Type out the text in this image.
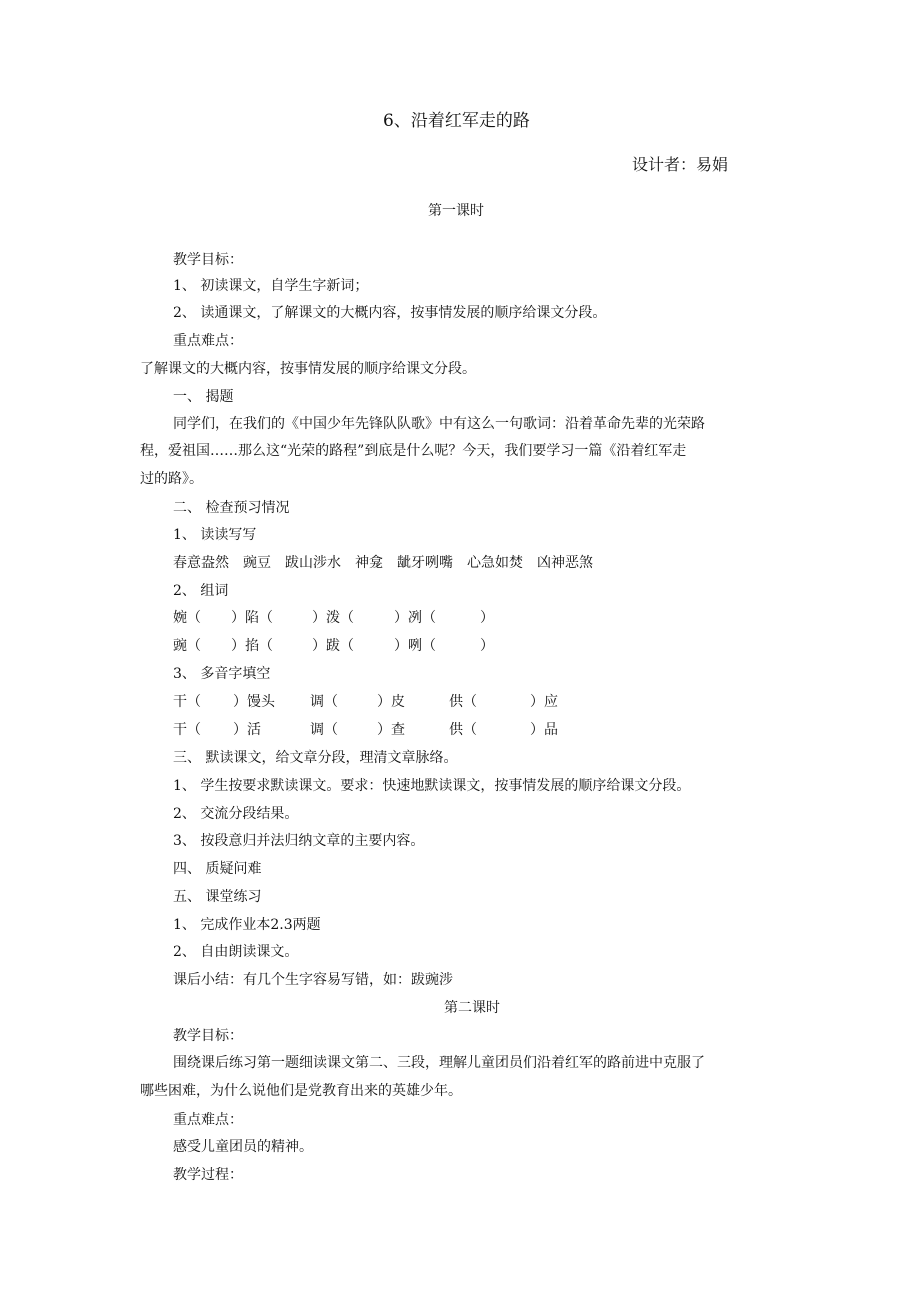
6、沿着红军走的路
设计者：易娟
第一课时
教学目标：
1、 初读课文，自学生字新词；
2、 读通课文，了解课文的大概内容，按事情发展的顺序给课文分段。
重点难点：
了解课文的大概内容，按事情发展的顺序给课文分段。
一、 揭题
同学们，在我们的《中国少年先锋队队歌》中有这么一句歌词：沿着革命先辈的光荣路
程，爱祖国……那么这“光荣的路程”到底是什么呢？今天，我们要学习一篇《沿着红军走
过的路》。
二、 检查预习情况
1、 读读写写
春意盎然　豌豆　跋山涉水　神龛　龇牙咧嘴　心急如焚　凶神恶煞
2、 组词
婉（ ）陷（	）泼（	）冽（	）
豌（ ）掐（	）跋（	）咧（	）
3、 多音字填空
干（ ）馒头	调（	）皮	供（	）应
干（ ）活	调（	）查	供（	）品
三、 默读课文，给文章分段，理清文章脉络。
1、 学生按要求默读课文。要求：快速地默读课文，按事情发展的顺序给课文分段。
2、 交流分段结果。
3、 按段意归并法归纳文章的主要内容。
四、 质疑问难
五、 课堂练习
1、 完成作业本2.3两题
2、 自由朗读课文。
课后小结：有几个生字容易写错，如：跋豌涉
第二课时
教学目标：
围绕课后练习第一题细读课文第二、三段，理解儿童团员们沿着红军的路前进中克服了
哪些困难，为什么说他们是党教育出来的英雄少年。
重点难点：
感受儿童团员的精神。
教学过程：
